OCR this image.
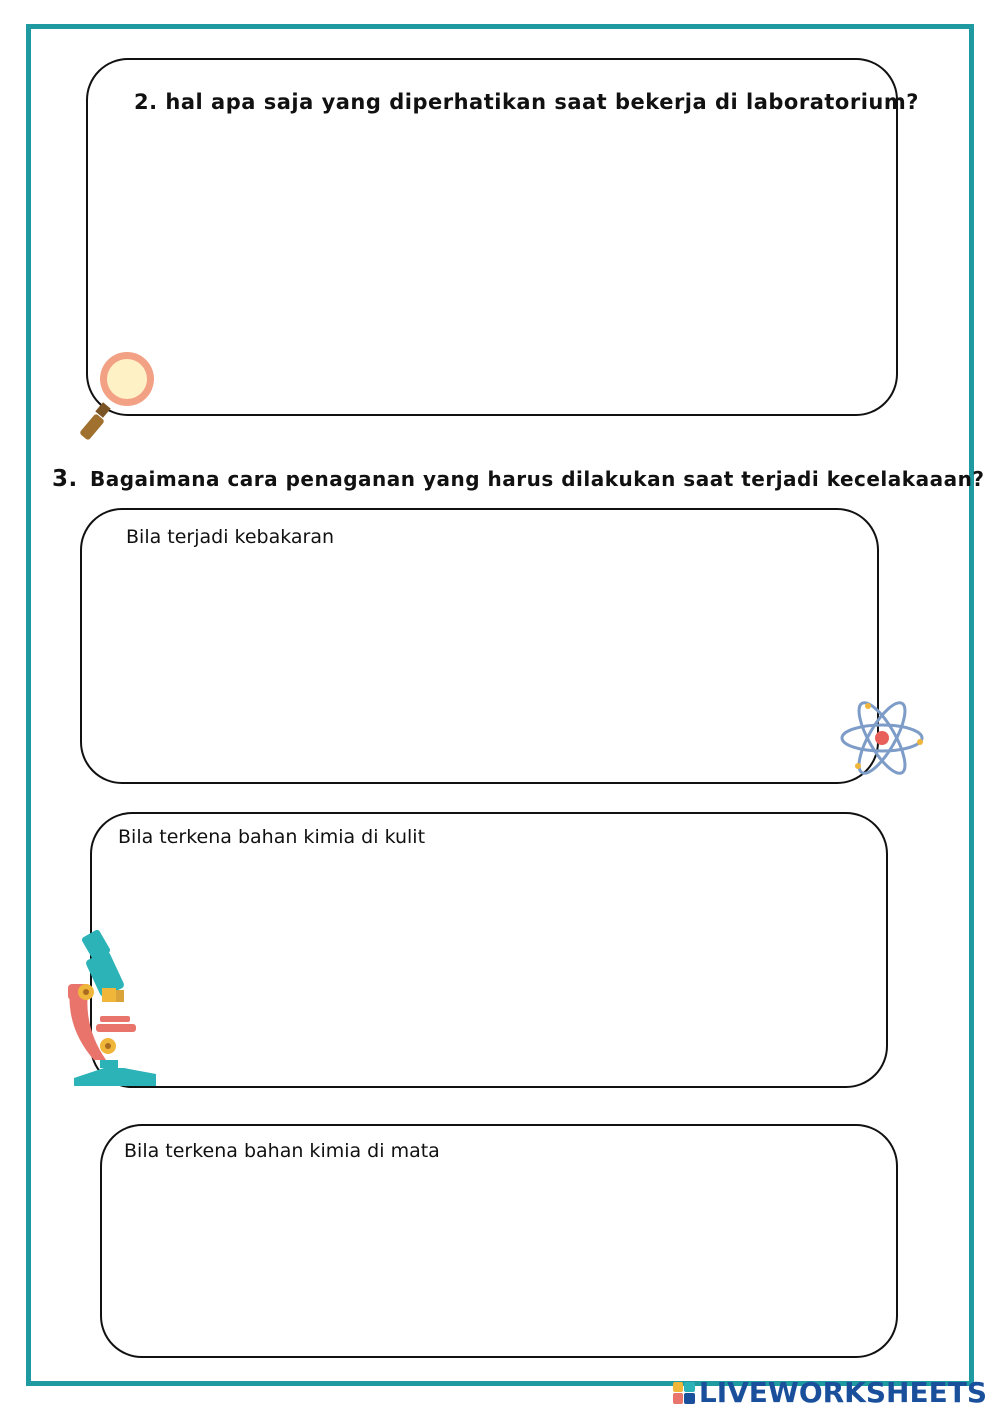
2. hal apa saja yang diperhatikan saat bekerja di laboratorium?
3. Bagaimana cara penaganan yang harus dilakukan saat terjadi kecelakaaan?
Bila terjadi kebakaran
Bila terkena bahan kimia di kulit
Bila terkena bahan kimia di mata
LIVEWORKSHEETS
